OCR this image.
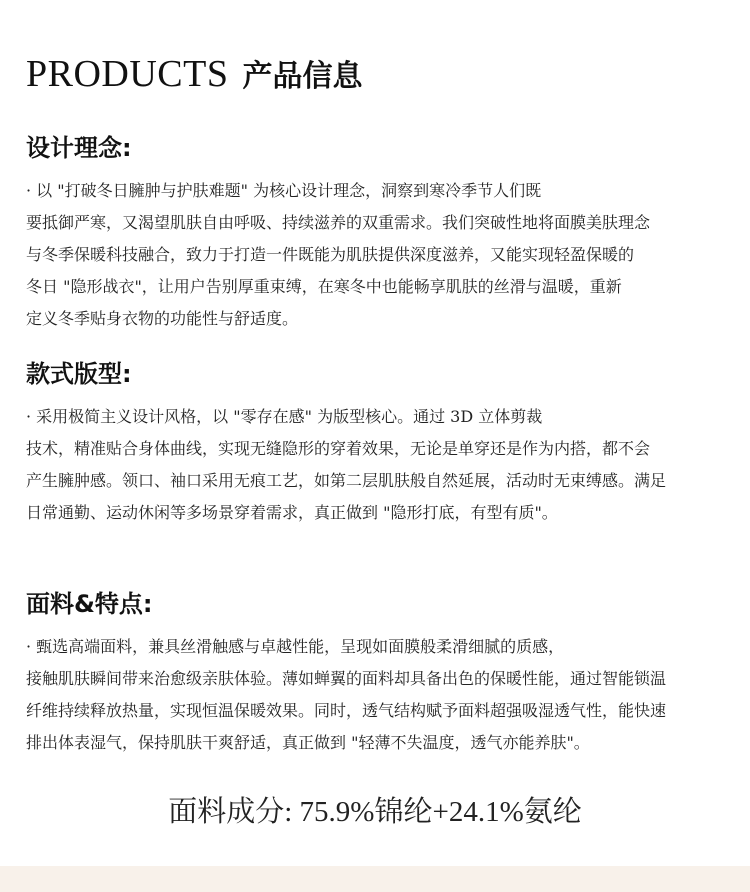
PRODUCTS 产品信息
设计理念:
· 以 "打破冬日臃肿与护肤难题" 为核心设计理念，洞察到寒冷季节人们既
要抵御严寒，又渴望肌肤自由呼吸、持续滋养的双重需求。我们突破性地将面膜美肤理念
与冬季保暖科技融合，致力于打造一件既能为肌肤提供深度滋养，又能实现轻盈保暖的
冬日 "隐形战衣"，让用户告别厚重束缚，在寒冬中也能畅享肌肤的丝滑与温暖，重新
定义冬季贴身衣物的功能性与舒适度。
款式版型:
· 采用极简主义设计风格，以 "零存在感" 为版型核心。通过 3D 立体剪裁
技术，精准贴合身体曲线，实现无缝隐形的穿着效果，无论是单穿还是作为内搭，都不会
产生臃肿感。领口、袖口采用无痕工艺，如第二层肌肤般自然延展，活动时无束缚感。满足
日常通勤、运动休闲等多场景穿着需求，真正做到 "隐形打底，有型有质"。
面料&特点:
· 甄选高端面料，兼具丝滑触感与卓越性能，呈现如面膜般柔滑细腻的质感，
接触肌肤瞬间带来治愈级亲肤体验。薄如蝉翼的面料却具备出色的保暖性能，通过智能锁温
纤维持续释放热量，实现恒温保暖效果。同时，透气结构赋予面料超强吸湿透气性，能快速
排出体表湿气，保持肌肤干爽舒适，真正做到 "轻薄不失温度，透气亦能养肤"。
面料成分: 75.9%锦纶+24.1%氨纶
